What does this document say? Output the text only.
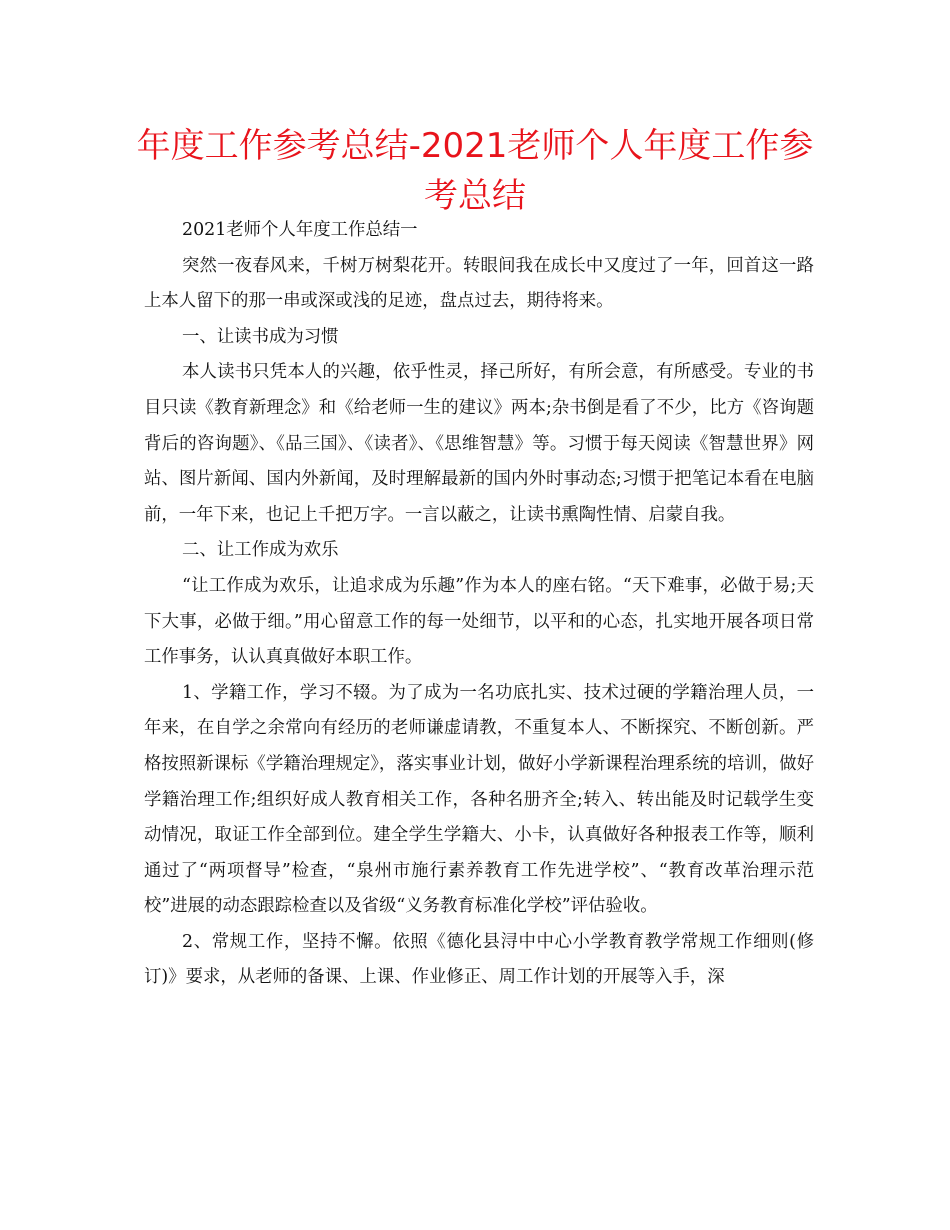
年度工作参考总结-2021老师个人年度工作参考总结

2021老师个人年度工作总结一

突然一夜春风来，千树万树梨花开。转眼间我在成长中又度过了一年，回首这一路上本人留下的那一串或深或浅的足迹，盘点过去，期待将来。

一、让读书成为习惯

本人读书只凭本人的兴趣，依乎性灵，择己所好，有所会意，有所感受。专业的书目只读《教育新理念》和《给老师一生的建议》两本;杂书倒是看了不少，比方《咨询题背后的咨询题》、《品三国》、《读者》、《思维智慧》等。习惯于每天阅读《智慧世界》网站、图片新闻、国内外新闻，及时理解最新的国内外时事动态;习惯于把笔记本看在电脑前，一年下来，也记上千把万字。一言以蔽之，让读书熏陶性情、启蒙自我。

二、让工作成为欢乐

“让工作成为欢乐，让追求成为乐趣”作为本人的座右铭。“天下难事，必做于易;天下大事，必做于细。”用心留意工作的每一处细节，以平和的心态，扎实地开展各项日常工作事务，认认真真做好本职工作。

1、学籍工作，学习不辍。为了成为一名功底扎实、技术过硬的学籍治理人员，一年来，在自学之余常向有经历的老师谦虚请教，不重复本人、不断探究、不断创新。严格按照新课标《学籍治理规定》，落实事业计划，做好小学新课程治理系统的培训，做好学籍治理工作;组织好成人教育相关工作，各种名册齐全;转入、转出能及时记载学生变动情况，取证工作全部到位。建全学生学籍大、小卡，认真做好各种报表工作等，顺利通过了“两项督导”检查，“泉州市施行素养教育工作先进学校”、“教育改革治理示范校”进展的动态跟踪检查以及省级“义务教育标准化学校”评估验收。

2、常规工作，坚持不懈。依照《德化县浔中中心小学教育教学常规工作细则(修订)》要求，从老师的备课、上课、作业修正、周工作计划的开展等入手，深
